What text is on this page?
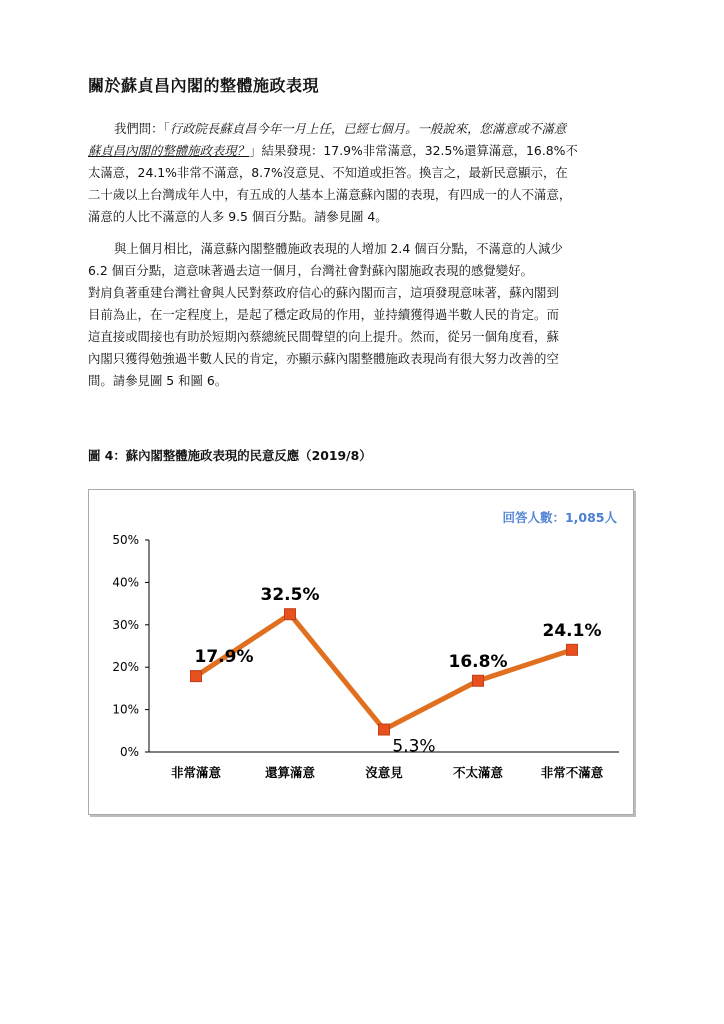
關於蘇貞昌內閣的整體施政表現
我們問：「行政院長蘇貞昌今年一月上任，已經七個月。一般說來，您滿意或不滿意
蘇貞昌內閣的整體施政表現？」結果發現：17.9%非常滿意，32.5%還算滿意，16.8%不
太滿意，24.1%非常不滿意，8.7%沒意見、不知道或拒答。換言之，最新民意顯示，在
二十歲以上台灣成年人中，有五成的人基本上滿意蘇內閣的表現，有四成一的人不滿意，
滿意的人比不滿意的人多 9.5 個百分點。請參見圖 4。
與上個月相比，滿意蘇內閣整體施政表現的人增加 2.4 個百分點，不滿意的人減少
6.2 個百分點，這意味著過去這一個月，台灣社會對蘇內閣施政表現的感覺變好。
對肩負著重建台灣社會與人民對蔡政府信心的蘇內閣而言，這項發現意味著，蘇內閣到
目前為止，在一定程度上，是起了穩定政局的作用，並持續獲得過半數人民的肯定。而
這直接或間接也有助於短期內蔡總統民間聲望的向上提升。然而，從另一個角度看，蘇
內閣只獲得勉強過半數人民的肯定，亦顯示蘇內閣整體施政表現尚有很大努力改善的空
間。請參見圖 5 和圖 6。
圖 4：蘇內閣整體施政表現的民意反應（2019/8）
0%
10%
20%
30%
40%
50%
非常滿意	還算滿意	沒意見	不太滿意	非常不滿意
17.9%
32.5%
5.3%
16.8%
24.1%
回答人數：1,085人
